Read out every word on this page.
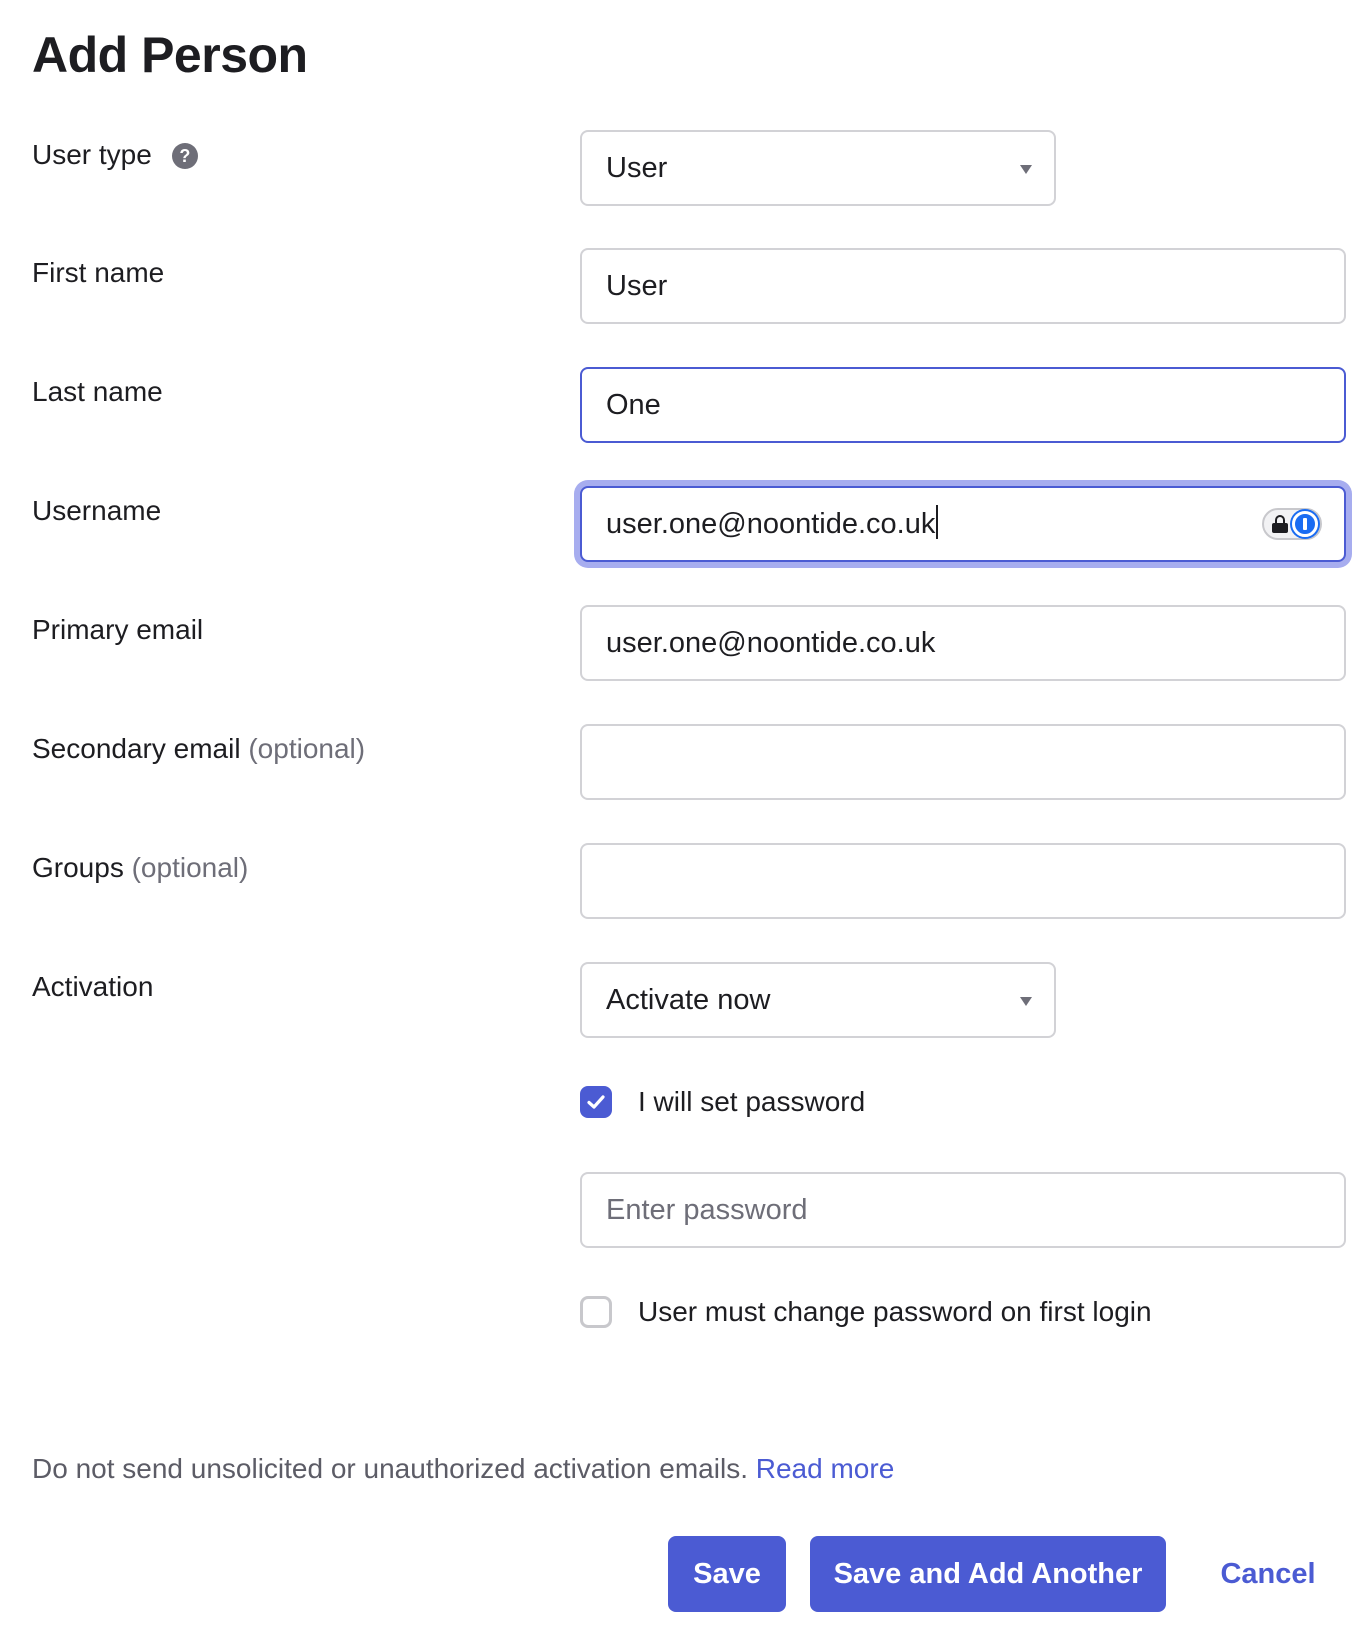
Add Person
User type ?	User
First name	User
Last name	One
Username	user.one@noontide.co.uk
Primary email	user.one@noontide.co.uk
Secondary email (optional)
Groups (optional)
Activation	Activate now
I will set password
Enter password
User must change password on first login
Do not send unsolicited or unauthorized activation emails. Read more
Save	Save and Add Another	Cancel
